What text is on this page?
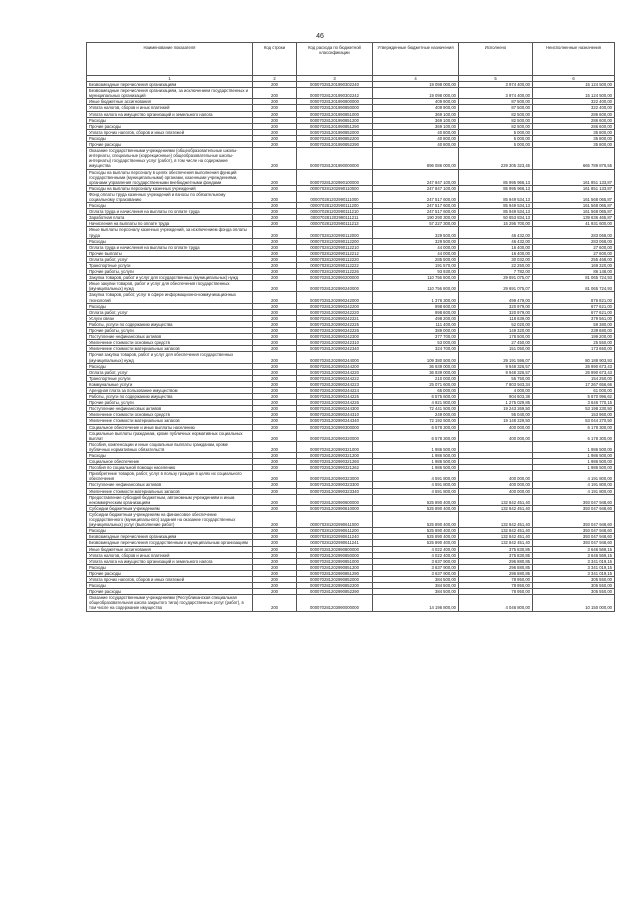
46
Наименование показателя	Код строки	Код расхода по бюджетной классификации	Утвержденные бюджетные назначения	Исполнено	Неисполненные назначения
1	2	3	4	5	6
Безвозмездные перечисления организациям	200	000070281201990302240	19 098 000,00	3 974 400,00	15 124 500,00
Безвозмездные перечисления организациям, за исключением государственных и муниципальных организаций	200	000070281201990302242	19 098 000,00	3 974 400,00	15 124 500,00
Иные бюджетные ассигнования	200	000070281201990800000	409 900,00	87 500,00	322 400,00
Уплата налогов, сборов и иных платежей	200	000070281201990850000	409 900,00	87 500,00	322 400,00
Уплата налога на имущество организаций и земельного налога	200	000070281201990851000	369 100,00	82 500,00	286 600,00
Расходы	200	000070281201990851200	369 100,00	82 500,00	286 600,00
Прочие расходы	200	000070281201990851290	369 100,00	82 500,00	286 600,00
Уплата прочих налогов, сборов и иных платежей	200	000070281201990852000	40 800,00	5 000,00	35 800,00
Расходы	200	000070281201990852200	40 800,00	5 000,00	35 800,00
Прочие расходы	200	000070281201990852290	40 800,00	5 000,00	35 800,00
Оказание государственными учреждениями (общеобразовательные школы-интернаты, специальные (коррекционные) общеобразовательные школы-интернаты) государственных услуг (работ), в том числе на содержание имущества	200	000070281201990000000	896 086 000,00	229 305 323,45	665 789 876,55
Расходы на выплаты персоналу в целях обеспечения выполнения функций государственными (муниципальными) органами, казенными учреждениями, органами управления государственными внебюджетными фондами	200	000070281202990100000	247 847 100,00	85 995 966,13	161 851 133,87
Расходы на выплаты персоналу казенных учреждений	200	000070281202990110000	247 847 100,00	85 995 966,13	161 851 133,87
Фонд оплаты труда казенных учреждений и взносы по обязательному социальному страхованию	200	000070281202990111000	247 517 600,00	85 949 534,13	161 568 065,87
Расходы	200	000070281202990111200	247 517 600,00	85 949 534,13	161 568 065,87
Оплата труда и начисления на выплаты по оплате труда	200	000070281202990111210	247 517 600,00	85 949 534,13	161 568 065,87
Заработная плата	200	000070281202990111211	190 290 300,00	50 653 834,13	139 636 465,87
Начисления на выплаты по оплате труда	200	000070281202990111213	57 227 300,00	15 295 700,00	41 931 600,00
Иные выплаты персоналу казенных учреждений, за исключением фонда оплаты труда	200	000070281202990112000	329 500,00	46 432,00	283 068,00
Расходы	200	000070281202990112200	329 500,00	46 432,00	283 068,00
Оплата труда и начисления на выплаты по оплате труда	200	000070281202990112210	44 000,00	16 400,00	27 600,00
Прочие выплаты	200	000070281202990112212	44 000,00	16 400,00	27 600,00
Оплата работ, услуг	200	000070281202990112220	285 500,00	30 032,00	255 468,00
Транспортные услуги	200	000070281202990112222	191 570,00	22 250,00	169 320,00
Прочие работы, услуги	200	000070281202990112226	93 930,00	7 782,00	86 148,00
Закупка товаров, работ и услуг для государственных (муниципальных) нужд	200	000070281202990200000	110 756 800,00	29 691 075,07	81 065 724,93
Иные закупки товаров, работ и услуг для обеспечения государственных (муниципальных) нужд	200	000070281202990240000	110 756 800,00	29 691 075,07	81 065 724,93
Закупка товаров, работ, услуг в сфере информационно-коммуникационных технологий	200	000070281202990242000	1 376 300,00	499 479,00	876 821,00
Расходы	200	000070281202990242200	998 600,00	320 979,00	677 621,00
Оплата работ, услуг	200	000070281202990242220	998 600,00	320 979,00	677 621,00
Услуги связи	200	000070281202990242221	498 200,00	118 639,00	379 561,00
Работы, услуги по содержанию имущества	200	000070281202990242225	111 400,00	52 020,00	59 380,00
Прочие работы, услуги	200	000070281202990242226	389 000,00	149 320,00	239 680,00
Поступление нефинансовых активов	200	000070281202990242300	377 700,00	178 500,00	199 200,00
Увеличение стоимости основных средств	200	000070281202990242310	53 000,00	27 450,00	25 550,00
Увеличение стоимости материальных запасов	200	000070281202990242340	324 700,00	151 050,00	173 650,00
Прочая закупка товаров, работ и услуг для обеспечения государственных (муниципальных) нужд	200	000070281202990244000	109 380 500,00	29 191 596,07	80 188 903,93
Расходы	200	000070281202990244200	36 939 000,00	9 948 326,57	26 990 673,43
Оплата работ, услуг	200	000070281202990244220	36 939 000,00	9 948 326,57	26 990 673,43
Транспортные услуги	200	000070281202990244222	210 000,00	55 750,00	154 250,00
Коммунальные услуги	200	000070281202990244223	25 071 600,00	7 803 943,34	17 267 656,66
Арендная плата за пользование имуществом	200	000070281202990244224	65 000,00	4 000,00	61 000,00
Работы, услуги по содержанию имущества	200	000070281202990244225	6 575 600,00	904 603,38	5 670 996,62
Прочие работы, услуги	200	000070281202990244226	4 921 800,00	1 275 029,85	3 646 770,15
Поступление нефинансовых активов	200	000070281202990244300	72 441 500,00	19 243 269,50	53 198 230,50
Увеличение стоимости основных средств	200	000070281202990244310	249 000,00	95 040,00	153 960,00
Увеличение стоимости материальных запасов	200	000070281202990244340	72 192 500,00	19 148 229,50	53 044 270,50
Социальное обеспечение и иные выплаты населению	200	000070281202990300000	6 578 300,00	400 000,00	6 178 300,00
Социальные выплаты гражданам, кроме публичных нормативных социальных выплат	200	000070281202990320000	6 578 300,00	400 000,00	6 178 300,00
Пособия, компенсации и иные социальные выплаты гражданам, кроме публичных нормативных обязательств	200	000070281202990321000	1 986 500,00		1 986 500,00
Расходы	200	000070281202990321200	1 986 500,00		1 986 500,00
Социальное обеспечение	200	000070281202990321260	1 986 500,00		1 986 500,00
Пособия по социальной помощи населению	200	000070281202990321262	1 986 500,00		1 986 500,00
Приобретение товаров, работ, услуг в пользу граждан в целях их социального обеспечения	200	000070281202990323000	4 591 800,00	400 000,00	4 191 800,00
Поступление нефинансовых активов	200	000070281202990323300	4 591 800,00	400 000,00	4 191 800,00
Увеличение стоимости материальных запасов	200	000070281202990323340	4 591 800,00	400 000,00	4 191 800,00
Предоставление субсидий бюджетным, автономным учреждениям и иным некоммерческим организациям	200	000070281202990600000	525 890 400,00	132 842 451,40	393 047 948,60
Субсидии бюджетным учреждениям	200	000070281202990610000	525 890 400,00	132 842 451,40	393 047 948,60
Субсидии бюджетным учреждениям на финансовое обеспечение государственного (муниципального) задания на оказание государственных (муниципальных) услуг (выполнение работ)	200	000070281202990611000	525 890 400,00	132 842 451,40	393 047 948,60
Расходы	200	000070281202990611200	525 890 400,00	132 842 451,40	393 047 948,60
Безвозмездные перечисления организациям	200	000070281202990611240	525 890 400,00	132 842 451,40	393 047 948,60
Безвозмездные перечисления государственным и муниципальным организациям	200	000070281202990611241	525 890 400,00	132 842 451,40	393 047 948,60
Иные бюджетные ассигнования	200	000070281202990800000	4 022 400,00	375 830,85	3 646 569,15
Уплата налогов, сборов и иных платежей	200	000070281202990850000	4 022 400,00	375 830,85	3 646 569,15
Уплата налога на имущество организаций и земельного налога	200	000070281202990851000	3 637 900,00	296 880,85	3 341 019,15
Расходы	200	000070281202990851200	3 637 900,00	296 880,85	3 341 019,15
Прочие расходы	200	000070281202990851290	3 637 900,00	296 880,85	3 341 019,15
Уплата прочих налогов, сборов и иных платежей	200	000070281202990852000	384 500,00	78 950,00	305 550,00
Расходы	200	000070281202990852200	384 500,00	78 950,00	305 550,00
Прочие расходы	200	000070281202990852290	384 500,00	78 950,00	305 550,00
Оказание государственными учреждениями (Ресгубликанская специальная общеобразовательная школа закрытого типа) государственных услуг (работ), в том числе на содержание имущества	200	000070281203990000000	14 196 800,00	4 046 800,00	10 150 000,00
